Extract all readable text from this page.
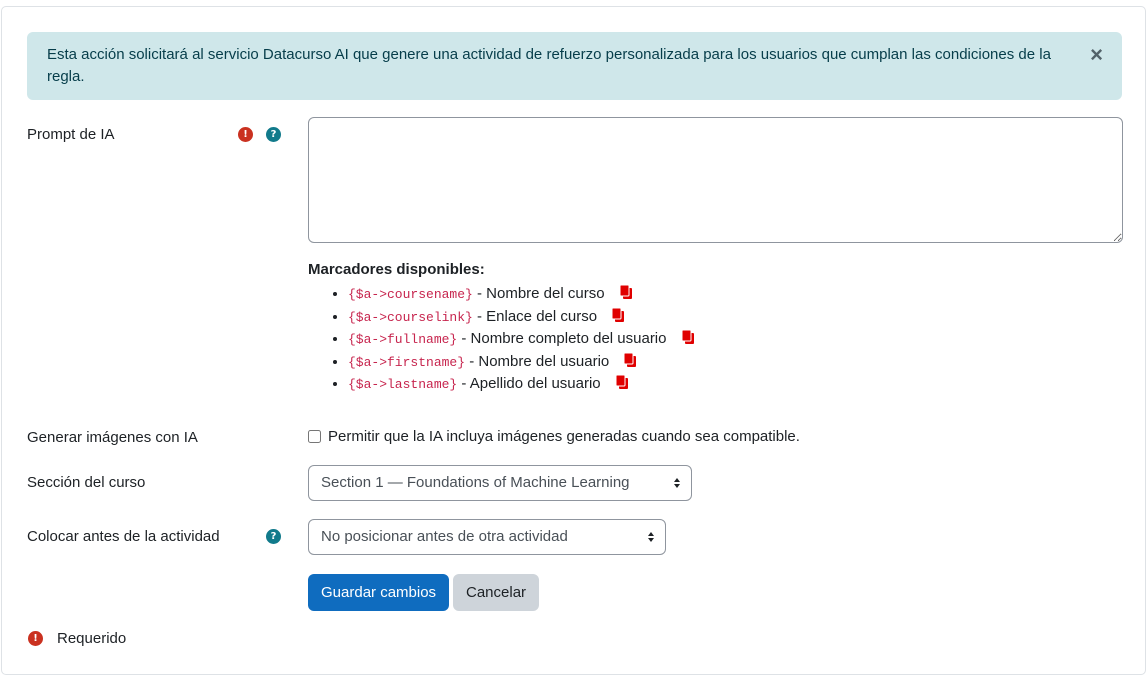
Esta acción solicitará al servicio Datacurso AI que genere una actividad de refuerzo personalizada para los usuarios que cumplan las condiciones de la regla.
×
Prompt de IA	!	?
Marcadores disponibles:
• {$a->coursename} - Nombre del curso
• {$a->courselink} - Enlace del curso
• {$a->fullname} - Nombre completo del usuario
• {$a->firstname} - Nombre del usuario
• {$a->lastname} - Apellido del usuario
Generar imágenes con IA	Permitir que la IA incluya imágenes generadas cuando sea compatible.
Sección del curso	Section 1 — Foundations of Machine Learning
Colocar antes de la actividad	?	No posicionar antes de otra actividad
Guardar cambios	Cancelar
!	Requerido
